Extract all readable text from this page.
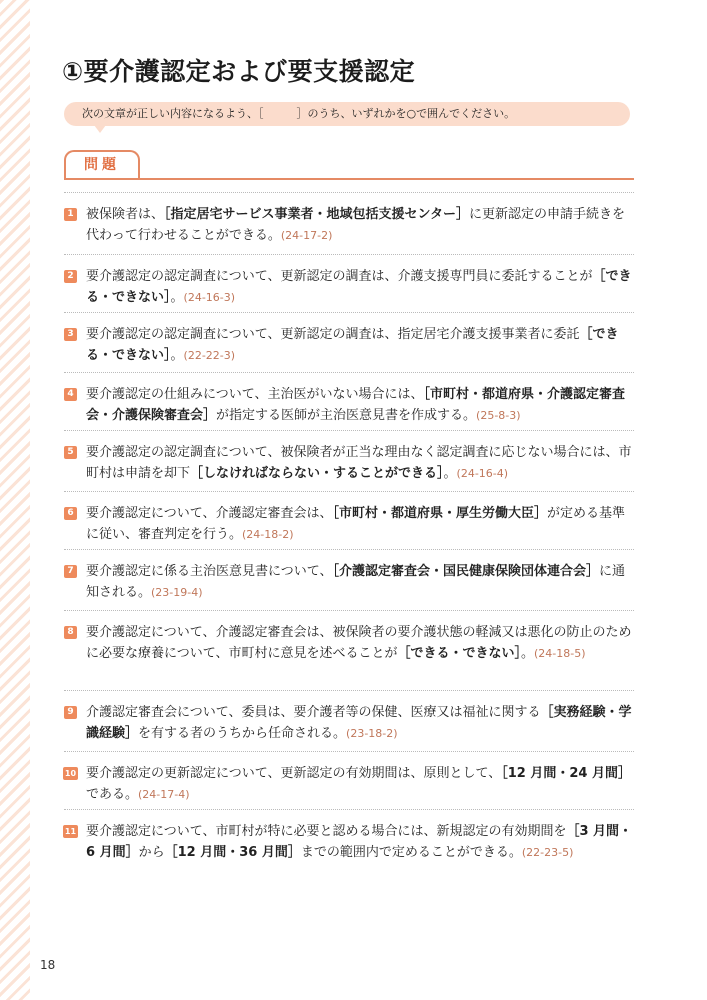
①要介護認定および要支援認定
次の文章が正しい内容になるよう、［　　　］のうち、いずれかを○で囲んでください。
問題
1 被保険者は、［指定居宅サービス事業者・地域包括支援センター］に更新認定の申請手続きを代わって行わせることができる。(24-17-2)
2 要介護認定の認定調査について、更新認定の調査は、介護支援専門員に委託することが［できる・できない］。(24-16-3)
3 要介護認定の認定調査について、更新認定の調査は、指定居宅介護支援事業者に委託［できる・できない］。(22-22-3)
4 要介護認定の仕組みについて、主治医がいない場合には、［市町村・都道府県・介護認定審査会・介護保険審査会］が指定する医師が主治医意見書を作成する。(25-8-3)
5 要介護認定の認定調査について、被保険者が正当な理由なく認定調査に応じない場合には、市町村は申請を却下［しなければならない・することができる］。(24-16-4)
6 要介護認定について、介護認定審査会は、［市町村・都道府県・厚生労働大臣］が定める基準に従い、審査判定を行う。(24-18-2)
7 要介護認定に係る主治医意見書について、［介護認定審査会・国民健康保険団体連合会］に通知される。(23-19-4)
8 要介護認定について、介護認定審査会は、被保険者の要介護状態の軽減又は悪化の防止のために必要な療養について、市町村に意見を述べることが［できる・できない］。(24-18-5)
9 介護認定審査会について、委員は、要介護者等の保健、医療又は福祉に関する［実務経験・学識経験］を有する者のうちから任命される。(23-18-2)
10 要介護認定の更新認定について、更新認定の有効期間は、原則として、［12 月間・24 月間］である。(24-17-4)
11 要介護認定について、市町村が特に必要と認める場合には、新規認定の有効期間を［3 月間・6 月間］から［12 月間・36 月間］までの範囲内で定めることができる。(22-23-5)
18
